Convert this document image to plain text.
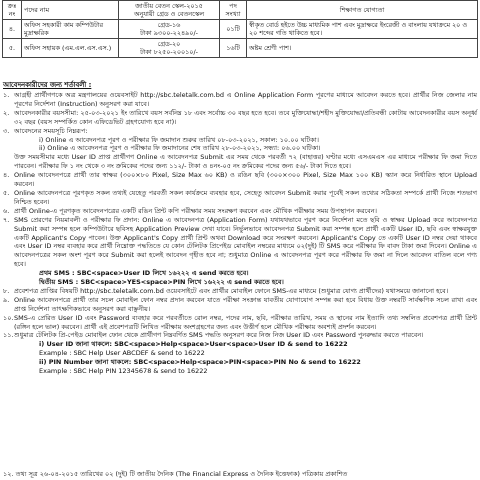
ক্রঃ নং	পদের নাম	জাতীয় বেতন স্কেল-২০১৫
অনুযায়ী গ্রেড ও বেতনস্কেল	পদ সংখ্যা	শিক্ষাগত যোগ্যতা
৪.	অফিস সহকারী কাম কম্পিউটার মুদ্রাক্ষরিক	গ্রেড-১৬
টাকা ৯৩০০-২২৪৯০/-	০১টি	স্বীকৃত বোর্ড হইতে উচ্চ মাধ্যমিক পাশ এবং মুদ্রাক্ষরে ইংরেজী ও বাংলায় যথাক্রমে ২০ ও ২০ শব্দের গতি থাকিতে হবে।
৫.	অফিস সহায়ক (এম.এল.এস.এস.)	গ্রেড-২০
টাকা ৮২৫০-২০০১০/-	১৬টি	অষ্টম শ্রেণী পাশ।
আবেদনকারীদের জন্য শর্তাবলী :
১. আগ্রহী প্রার্থীগণকে অত্র মন্ত্রণালয়ের ওয়েবসাইট http://sbc.teletalk.com.bd এ Online Application Form পূরণের মাধ্যমে আবেদন করতে হবে। প্রার্থীর নিজ জেলার নাম পূরণের নির্দেশনা (Instruction) অনুসরণ করা যাবে।
২. আবেদনকারীর বয়সসীমা: ২৫-০৩-২০২১ ইং তারিখে বয়স সর্বনিম্ন ১৮ এবং সর্বোচ্চ ৩০ বছর হতে হবে। তবে মুক্তিযোদ্ধা/শহীদ মুক্তিযোদ্ধা/প্রতিবন্ধী কোটায় আবেদনকারীর বয়স অনূর্ধ্ব ৩২ বছর (বয়স সম্পর্কিত কোন এফিডেভিট গ্রহণযোগ্য হবে না)।
৩. আবেদনের সময়সূচি নিম্নরূপ:
i) Online এ আবেদনপত্র পূরণ ও পরীক্ষার ফি জমাদান শুরুর তারিখ ০৮-০৩-২০২১, সকাল: ১০.০০ ঘটিকা।
ii) Online এ আবেদনপত্র পূরণ ও পরীক্ষার ফি জমাদানের শেষ তারিখ ২৮-০৩-২০২১, সন্ধ্যা: ০৬.০০ ঘটিকা।
উক্ত সময়সীমার মধ্যে User ID প্রাপ্ত প্রার্থীগণ Online এ আবেদনপত্র Submit এর সময় থেকে পরবর্তী ৭২ (বাহাত্তর) ঘণ্টার মধ্যে এসএমএস এর মাধ্যমে পরীক্ষার ফি জমা দিতে পারবেন। পরীক্ষার ফি ১ নং থেকে ৩ নং ক্রমিকের পদের জন্য ১১২/- টাকা ও ৪নং-০৫ নং ক্রমিকের পদের জন্য ৫৬/- টাকা দিতে হবে।
৪. Online আবেদনপত্রে প্রার্থী তার স্বাক্ষর (৩০০×৮০ Pixel, Size Max ৬০ KB) ও রঙিন ছবি (৩০০×৩০০ Pixel, Size Max ১০০ KB) স্ক্যান করে নির্ধারিত স্থানে Upload করবেন।
৫. Online আবেদনপত্রে পূরণকৃত সকল তথ্যই যেহেতু পরবর্তী সকল কার্যক্রমে ব্যবহার হবে, সেহেতু আবেদন Submit করার পূর্বেই সকল তথ্যের সঠিকতা সম্পর্কে প্রার্থী নিজে শতভাগ নিশ্চিত হবেন।
৬. প্রার্থী Online-এ পূরণকৃত আবেদনপত্রের একটি রঙিন প্রিন্ট কপি পরীক্ষার সময় সংরক্ষণ করবেন এবং মৌখিক পরীক্ষার সময় উপস্থাপন করবেন।
৭. SMS প্রেরণের নিয়মাবলী ও পরীক্ষার ফি প্রদান: Online এ আবেদনপত্র (Application Form) যথাযথভাবে পূরণ করে নির্দেশনা মতে ছবি ও স্বাক্ষর Upload করে আবেদনপত্র Submit করা সম্পন্ন হলে কম্পিউটারে ছবিসহ Application Preview দেখা যাবে। নির্ভুলভাবে আবেদনপত্র Submit করা সম্পন্ন হলে প্রার্থী একটি User ID, ছবি এবং স্বাক্ষরযুক্ত একটি Applicant's Copy পাবেন। উক্ত Applicant's Copy প্রার্থী প্রিন্ট অথবা Download করে সংরক্ষণ করবেন। Applicant's Copy তে একটি User ID নম্বর দেয়া থাকবে এবং User ID নম্বর ব্যবহার করে প্রার্থী নিম্নোক্ত পদ্ধতিতে যে কোন টেলিটক প্রিপেইড মোবাইল নম্বরের মাধ্যমে ০২(দুই) টি SMS করে পরীক্ষার ফি বাবদ টাকা জমা দিবেন। Online এ আবেদনপত্রের সকল অংশ পূরণ করে Submit করা হলেই আবেদন গৃহীত হবে না; শুধুমাত্র Online এ আবেদনপত্র পূরণ করে পরীক্ষার ফি জমা না দিলে আবেদন বাতিল বলে গণ্য হবে।
প্রথম SMS : SBC<space>User ID লিখে ১৬২২২ এ send করতে হবে।
দ্বিতীয় SMS : SBC<space>YES<space>PIN লিখে ১৬২২২ এ send করতে হবে।
৮. প্রবেশপত্র প্রাপ্তির বিষয়টি http://sbc.teletalk.com.bd ওয়েবসাইটে এবং প্রার্থীর মোবাইল ফোনে SMS-এর মাধ্যমে (শুধুমাত্র যোগ্য প্রার্থীদের) যথাসময়ে জানানো হবে।
৯. Online আবেদনপত্রে প্রার্থী তার সচল মোবাইল ফোন নম্বর প্রদান করবেন যাতে পরীক্ষা সংক্রান্ত যাবতীয় যোগাযোগ সম্পন্ন করা হবে বিধায় উক্ত নম্বরটি সার্বক্ষণিক সচল রাখা এবং প্রাপ্ত নির্দেশনা তাৎক্ষণিকভাবে অনুসরণ করা বাঞ্ছনীয়।
১০. SMS-এ প্রেরিত User ID এবং Password ব্যবহার করে পরবর্তীতে রোল নম্বর, পদের নাম, ছবি, পরীক্ষার তারিখ, সময় ও স্থানের নাম ইত্যাদি তথ্য সম্বলিত প্রবেশপত্র প্রার্থী প্রিন্ট (রঙ্গিন হলে ভাল) করবেন। প্রার্থী এই প্রবেশপত্রটি লিখিত পরীক্ষায় অংশগ্রহণের জন্য এবং উত্তীর্ণ হলে মৌখিক পরীক্ষায় অবশ্যই প্রদর্শন করবেন।
১১. শুধুমাত্র টেলিটক প্রি-পেইড মোবাইল ফোন থেকে প্রার্থীগণ নিম্নবর্ণিত SMS পদ্ধতি অনুসরণ করে নিজ নিজ User ID এবং Password পুনরুদ্ধার করতে পারবেন।
i) User ID জানা থাকলে: SBC<space>Help<space>User<space>User ID & send to 16222
Example : SBC Help User ABCDEF & send to 16222
ii) PIN Number জানা থাকলে: SBC<space>Help<space>PIN<space>PIN No & send to 16222
Example : SBC Help PIN 12345678 & send to 16222
১২. তথ্য সূত্র ২৬-০৪-২০১৫ তারিখের ০২ (দুই) টি জাতীয় দৈনিক (The Financial Express ও দৈনিক ইত্তেফাক) পত্রিকায় প্রকাশিত
